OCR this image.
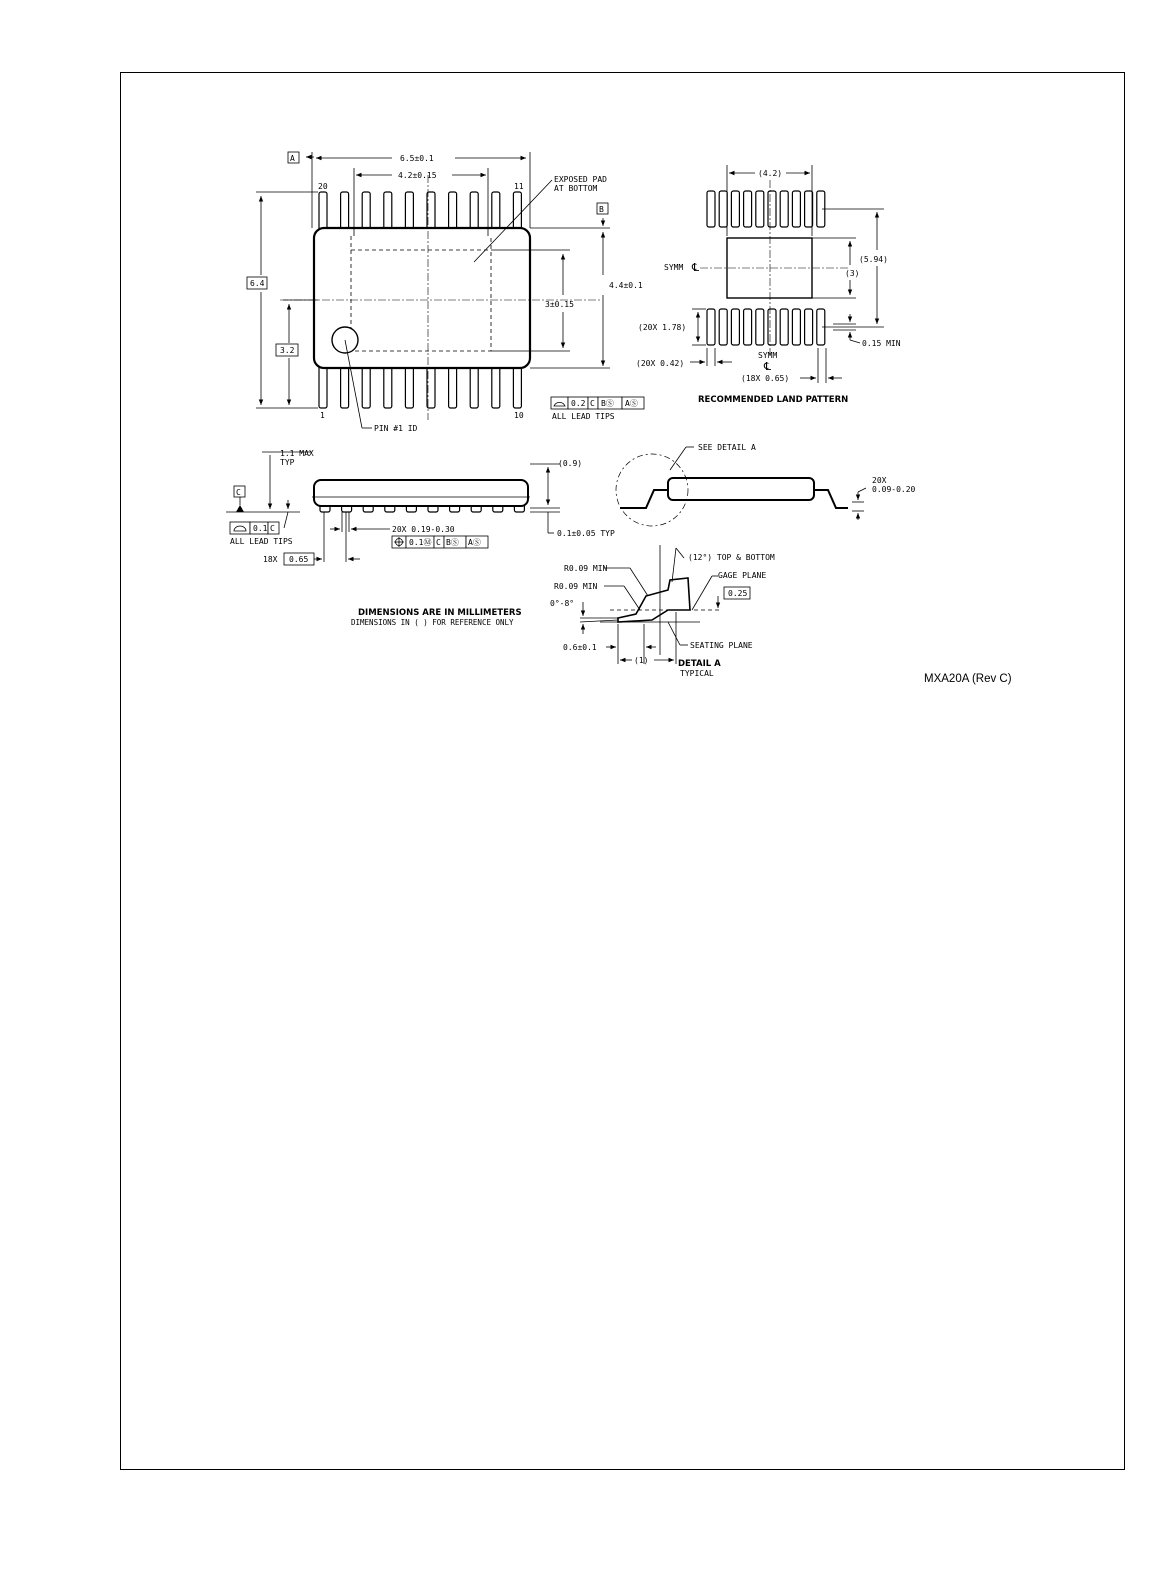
PIN #1 ID
A	6.5±0.1
4.2±0.15
20	11
1	10
EXPOSED PAD
AT BOTTOM
B
4.4±0.1
3±0.15
6.4
3.2
0.2 C BⓈ AⓈ
ALL LEAD TIPS
(4.2)
(5.94)
(3)
SYMM ℄
(20X 1.78)
(20X 0.42)
SYMM
℄
(18X 0.65)
0.15 MIN
RECOMMENDED LAND PATTERN
C
1.1 MAX
TYP	(0.9)
0.1±0.05 TYP
0.1 C
ALL LEAD TIPS
18X 0.65
20X 0.19-0.30
0.1Ⓜ C BⓈ AⓈ
SEE DETAIL A
20X
0.09-0.20
(12°) TOP & BOTTOM
R0.09 MIN
R0.09 MIN
GAGE PLANE
0.25
0°-8°
SEATING PLANE
0.6±0.1
(1)	DETAIL A
TYPICAL
DIMENSIONS ARE IN MILLIMETERS
DIMENSIONS IN ( ) FOR REFERENCE ONLY
MXA20A (Rev C)
